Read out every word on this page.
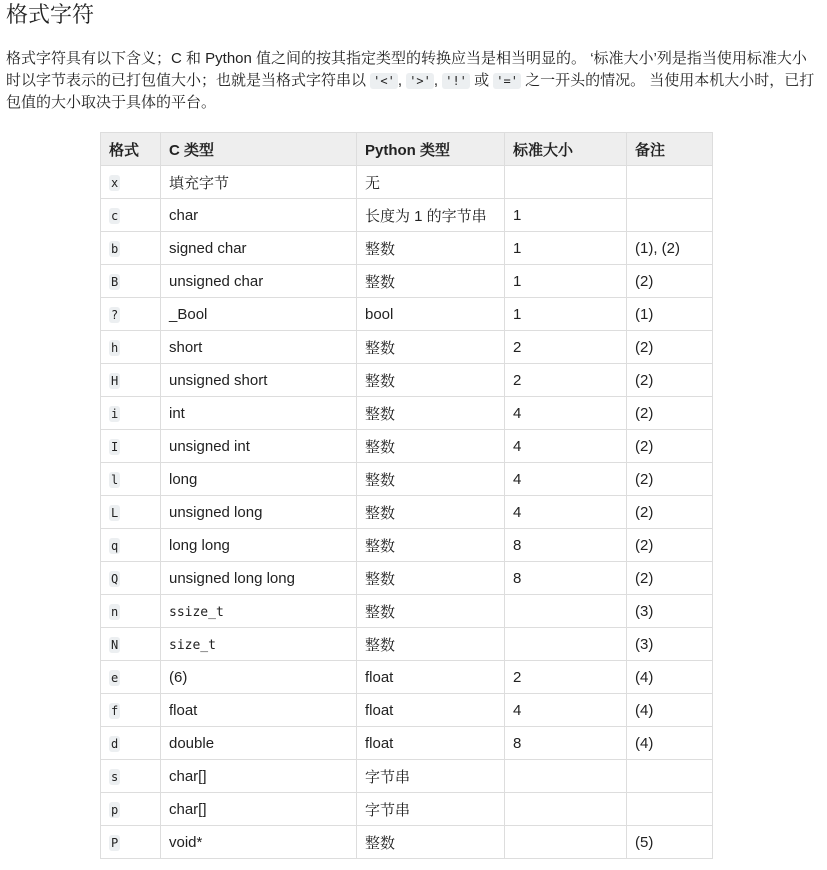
格式字符

格式字符具有以下含义；C 和 Python 值之间的按其指定类型的转换应当是相当明显的。 ‘标准大小’列是指当使用标准大小时以字节表示的已打包值大小；也就是当格式字符串以 '<' , '>' , '!' 或 '=' 之一开头的情况。 当使用本机大小时，已打包值的大小取决于具体的平台。

格式	C 类型	Python 类型	标准大小	备注
x	填充字节	无		
c	char	长度为 1 的字节串	1	
b	signed char	整数	1	(1), (2)
B	unsigned char	整数	1	(2)
?	_Bool	bool	1	(1)
h	short	整数	2	(2)
H	unsigned short	整数	2	(2)
i	int	整数	4	(2)
I	unsigned int	整数	4	(2)
l	long	整数	4	(2)
L	unsigned long	整数	4	(2)
q	long long	整数	8	(2)
Q	unsigned long long	整数	8	(2)
n	ssize_t	整数		(3)
N	size_t	整数		(3)
e	(6)	float	2	(4)
f	float	float	4	(4)
d	double	float	8	(4)
s	char[]	字节串		
p	char[]	字节串		
P	void*	整数		(5)
